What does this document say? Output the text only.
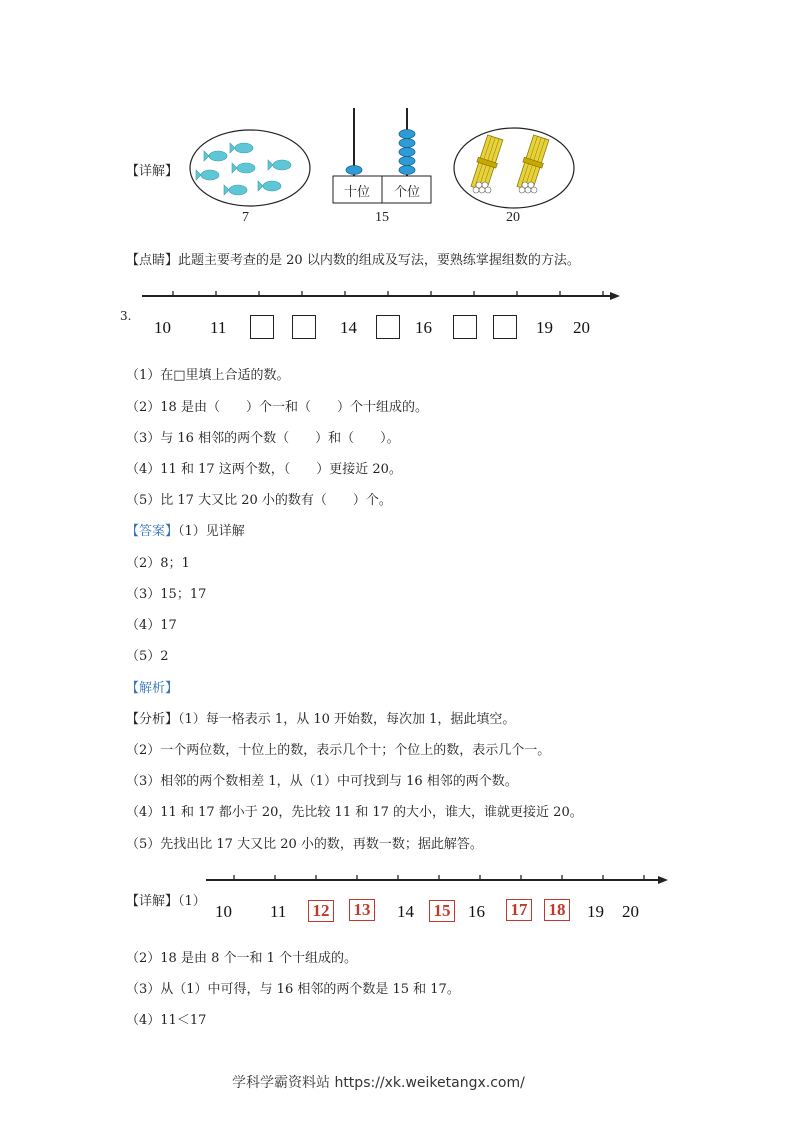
【详解】
7
十位 个位
15	20
【点睛】此题主要考查的是 20 以内数的组成及写法，要熟练掌握组数的方法。
3.
10 11	14	16	19 20
（1）在□里填上合适的数。
（2）18 是由（　　）个一和（　　）个十组成的。
（3）与 16 相邻的两个数（　　）和（　　）。
（4）11 和 17 这两个数，（　　）更接近 20。
（5）比 17 大又比 20 小的数有（　　）个。
【答案】（1）见详解
（2）8；1
（3）15；17
（4）17
（5）2
【解析】
【分析】（1）每一格表示 1，从 10 开始数，每次加 1，据此填空。
（2）一个两位数，十位上的数，表示几个十；个位上的数，表示几个一。
（3）相邻的两个数相差 1，从（1）中可找到与 16 相邻的两个数。
（4）11 和 17 都小于 20，先比较 11 和 17 的大小，谁大，谁就更接近 20。
（5）先找出比 17 大又比 20 小的数，再数一数；据此解答。
【详解】（1）
10 11 12 13 14 15 16 17 18 19 20
（2）18 是由 8 个一和 1 个十组成的。
（3）从（1）中可得，与 16 相邻的两个数是 15 和 17。
（4）11＜17
学科学霸资料站 https://xk.weiketangx.com/
